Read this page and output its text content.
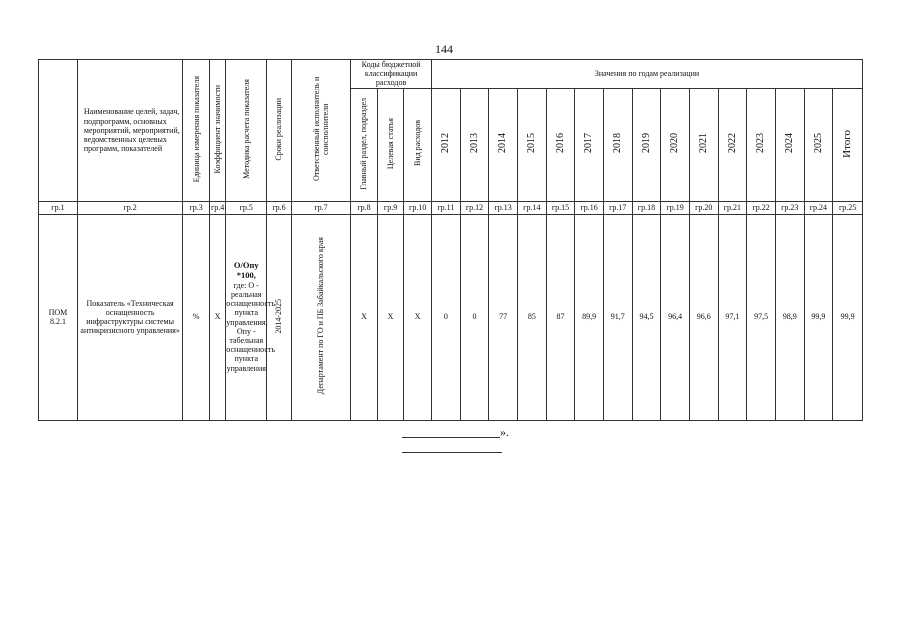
144
	Наименование целей, задач, подпрограмм, основных мероприятий, мероприятий, ведомственных целевых программ, показателей	Единица измерения показателя	Коэффициент значимости	Методика расчета показателя	Сроки реализации	Ответственный исполнитель и соисполнители	Коды бюджетной классификации расходов			Значения по годам реализации														
							Главный раздел, подраздел	Целевая статья	Вид расходов	2012	2013	2014	2015	2016	2017	2018	2019	2020	2021	2022	2023	2024	2025	Итого
гр.1	гр.2	гр.3	гр.4	гр.5	гр.6	гр.7	гр.8	гр.9	гр.10	гр.11	гр.12	гр.13	гр.14	гр.15	гр.16	гр.17	гр.18	гр.19	гр.20	гр.21	гр.22	гр.23	гр.24	гр.25
ПОМ 8.2.1	Показатель «Техническая оснащенность инфраструктуры системы антикризисного управления»	%	Х	О/Опу *100,
где: О - реальная оснащенность пункта управления, Опу - табельная оснащенность пункта управления	2014-2025	Департамент по ГО и ПБ Забайкальского края	Х	Х	Х	0	0	77	85	87	89,9	91,7	94,5	96,4	96,6	97,1	97,5	98,9	99,9	99,9
».
